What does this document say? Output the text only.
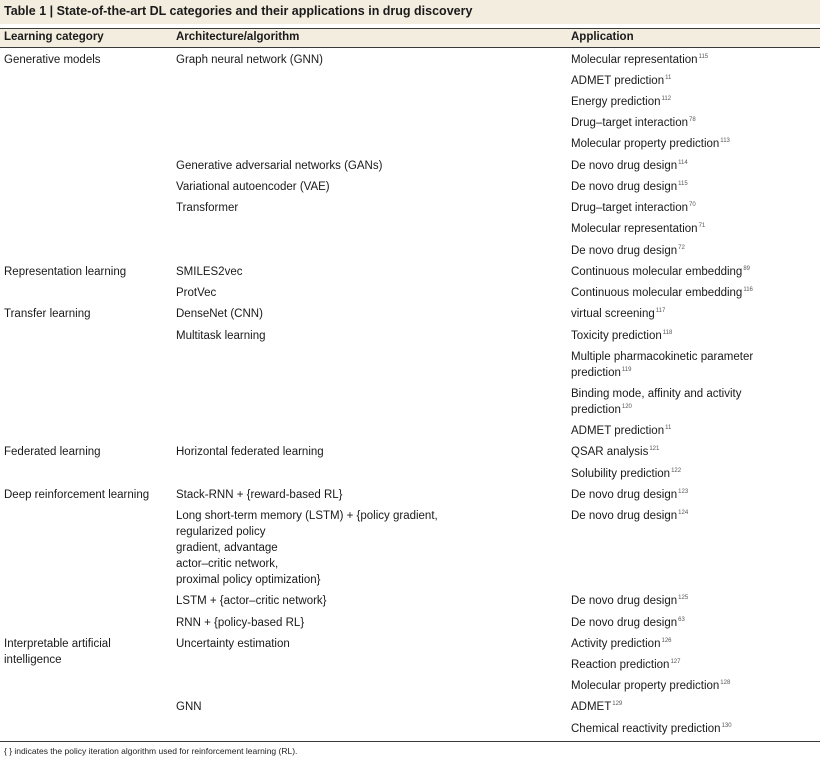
Table 1 | State-of-the-art DL categories and their applications in drug discovery
Learning category	Architecture/algorithm	Application
Generative models
Representation learning
Transfer learning
Federated learning
Deep reinforcement learning
Interpretable artificial
intelligence
Graph neural network (GNN)
Generative adversarial networks (GANs)
Variational autoencoder (VAE)
Transformer
SMILES2vec
ProtVec
DenseNet (CNN)
Multitask learning
Horizontal federated learning
Stack-RNN + {reward-based RL}
Long short-term memory (LSTM) + {policy gradient,
regularized policy
gradient, advantage
actor–critic network,
proximal policy optimization}
LSTM + {actor–critic network}
RNN + {policy-based RL}
Uncertainty estimation
GNN
Molecular representation$^{115}$
ADMET prediction$^{11}$
Energy prediction$^{112}$
Drug–target interaction$^{78}$
Molecular property prediction$^{113}$
De novo drug design$^{114}$
De novo drug design$^{115}$
Drug–target interaction$^{70}$
Molecular representation$^{71}$
De novo drug design$^{72}$
Continuous molecular embedding$^{89}$
Continuous molecular embedding$^{116}$
virtual screening$^{117}$
Toxicity prediction$^{118}$
Multiple pharmacokinetic parameter
prediction$^{119}$
Binding mode, affinity and activity
prediction$^{120}$
ADMET prediction$^{11}$
QSAR analysis$^{121}$
Solubility prediction$^{122}$
De novo drug design$^{123}$
De novo drug design$^{124}$
De novo drug design$^{125}$
De novo drug design$^{63}$
Activity prediction$^{126}$
Reaction prediction$^{127}$
Molecular property prediction$^{128}$
ADMET$^{129}$
Chemical reactivity prediction$^{130}$
{ } indicates the policy iteration algorithm used for reinforcement learning (RL).
